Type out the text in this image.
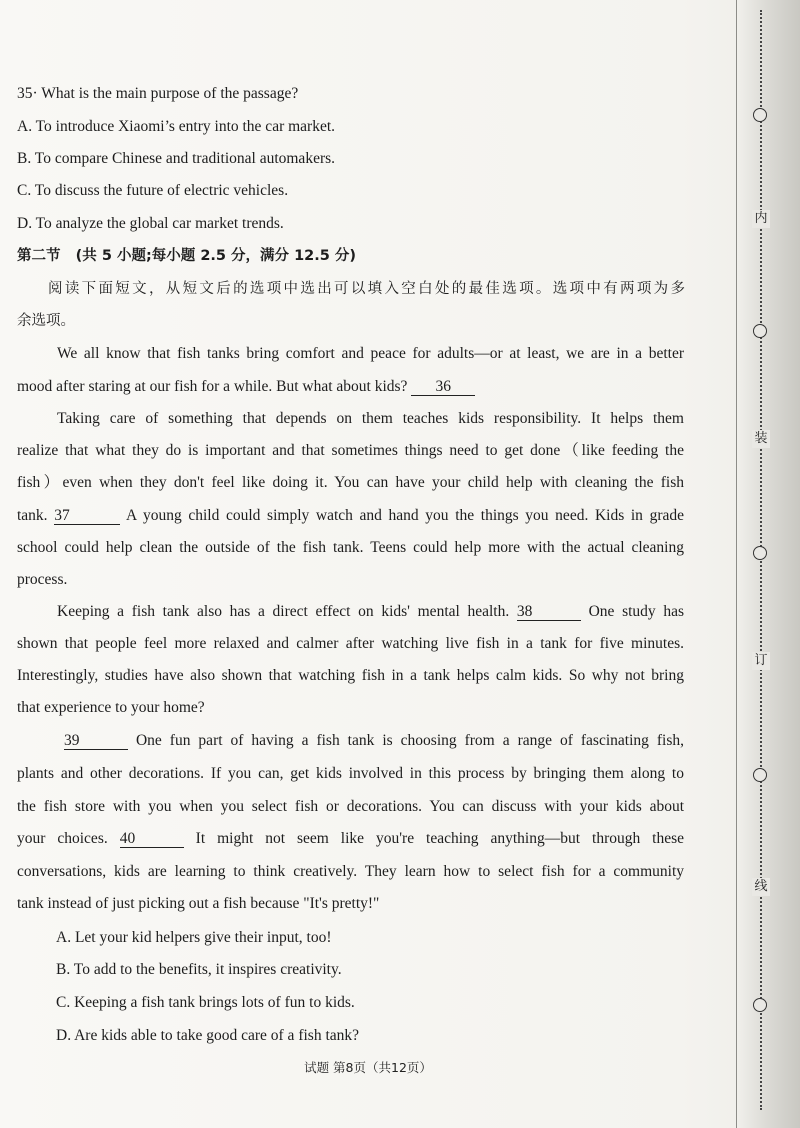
内
装
订
线
35· What is the main purpose of the passage?
A. To introduce Xiaomi’s entry into the car market.
B. To compare Chinese and traditional automakers.
C. To discuss the future of electric vehicles.
D. To analyze the global car market trends.
第二节 (共 5 小题;每小题 2.5 分，满分 12.5 分)
阅读下面短文，从短文后的选项中选出可以填入空白处的最佳选项。选项中有两项为多
余选项。
We all know that fish tanks bring comfort and peace for adults—or at least, we are in a better
mood after staring at our fish for a while. But what about kids? 36
Taking care of something that depends on them teaches kids responsibility. It helps them
realize that what they do is important and that sometimes things need to get done（like feeding the
fish）even when they don't feel like doing it. You can have your child help with cleaning the fish
tank. 37	A young child could simply watch and hand you the things you need. Kids in grade
school could help clean the outside of the fish tank. Teens could help more with the actual cleaning
process.
Keeping a fish tank also has a direct effect on kids' mental health. 38	One study has
shown that people feel more relaxed and calmer after watching live fish in a tank for five minutes.
Interestingly, studies have also shown that watching fish in a tank helps calm kids. So why not bring
that experience to your home?
39	One fun part of having a fish tank is choosing from a range of fascinating fish,
plants and other decorations. If you can, get kids involved in this process by bringing them along to
the fish store with you when you select fish or decorations. You can discuss with your kids about
your choices. 40	It might not seem like you're teaching anything—but through these
conversations, kids are learning to think creatively. They learn how to select fish for a community
tank instead of just picking out a fish because "It's pretty!"
A. Let your kid helpers give their input, too!
B. To add to the benefits, it inspires creativity.
C. Keeping a fish tank brings lots of fun to kids.
D. Are kids able to take good care of a fish tank?
试题 第8页（共12页）
